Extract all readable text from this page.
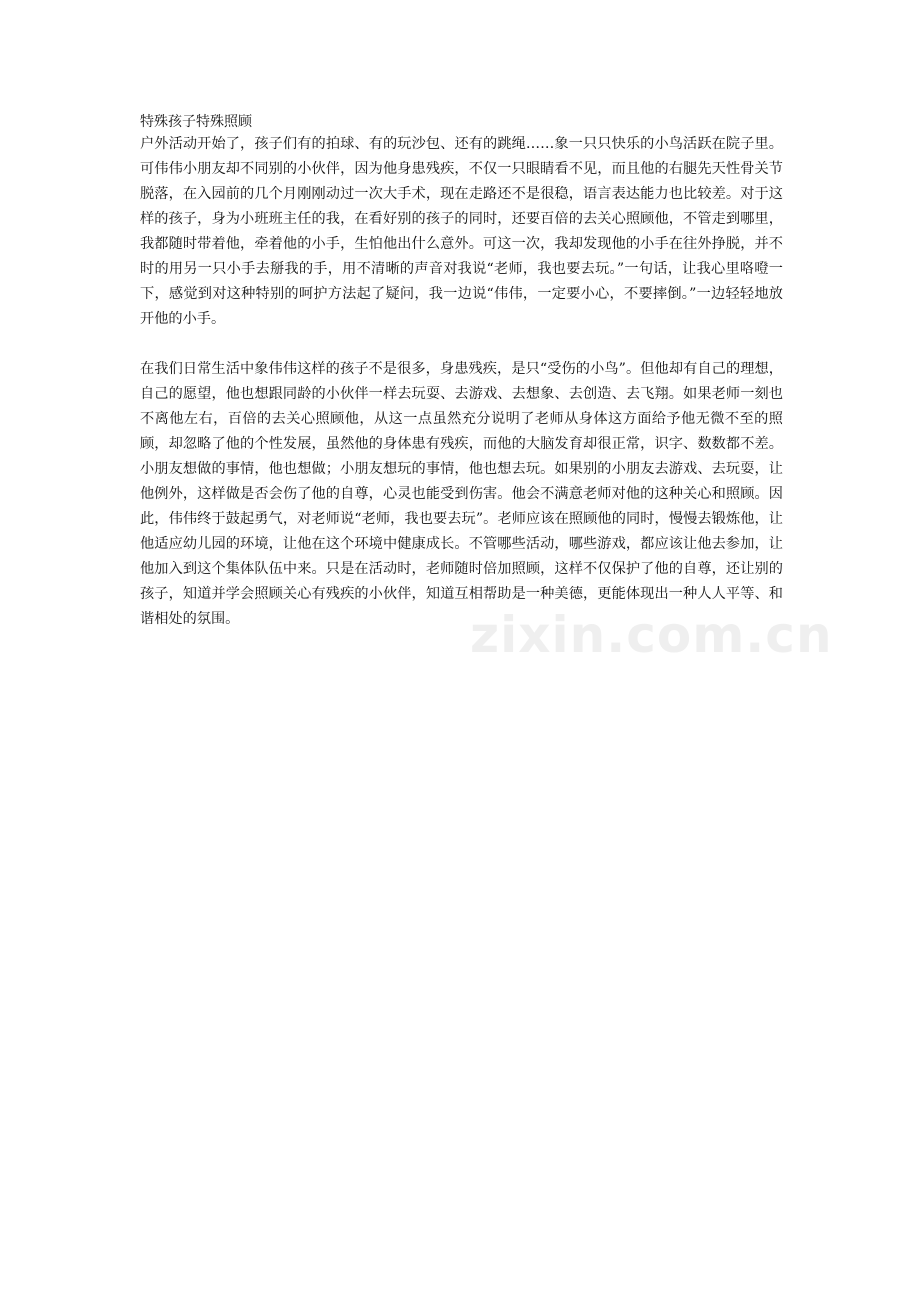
特殊孩子特殊照顾

户外活动开始了，孩子们有的拍球、有的玩沙包、还有的跳绳……象一只只快乐的小鸟活跃在院子里。可伟伟小朋友却不同别的小伙伴，因为他身患残疾，不仅一只眼睛看不见，而且他的右腿先天性骨关节脱落，在入园前的几个月刚刚动过一次大手术，现在走路还不是很稳，语言表达能力也比较差。对于这样的孩子，身为小班班主任的我，在看好别的孩子的同时，还要百倍的去关心照顾他，不管走到哪里，我都随时带着他，牵着他的小手，生怕他出什么意外。可这一次，我却发现他的小手在往外挣脱，并不时的用另一只小手去掰我的手，用不清晰的声音对我说“老师，我也要去玩。”一句话，让我心里咯噔一下，感觉到对这种特别的呵护方法起了疑问，我一边说“伟伟，一定要小心，不要摔倒。”一边轻轻地放开他的小手。

在我们日常生活中象伟伟这样的孩子不是很多，身患残疾，是只“受伤的小鸟”。但他却有自己的理想，自己的愿望，他也想跟同龄的小伙伴一样去玩耍、去游戏、去想象、去创造、去飞翔。如果老师一刻也不离他左右，百倍的去关心照顾他，从这一点虽然充分说明了老师从身体这方面给予他无微不至的照顾，却忽略了他的个性发展，虽然他的身体患有残疾，而他的大脑发育却很正常，识字、数数都不差。小朋友想做的事情，他也想做；小朋友想玩的事情，他也想去玩。如果别的小朋友去游戏、去玩耍，让他例外，这样做是否会伤了他的自尊，心灵也能受到伤害。他会不满意老师对他的这种关心和照顾。因此，伟伟终于鼓起勇气，对老师说“老师，我也要去玩”。老师应该在照顾他的同时，慢慢去锻炼他，让他适应幼儿园的环境，让他在这个环境中健康成长。不管哪些活动，哪些游戏，都应该让他去参加，让他加入到这个集体队伍中来。只是在活动时，老师随时倍加照顾，这样不仅保护了他的自尊，还让别的孩子，知道并学会照顾关心有残疾的小伙伴，知道互相帮助是一种美德，更能体现出一种人人平等、和谐相处的氛围。	zixin.com.cn
